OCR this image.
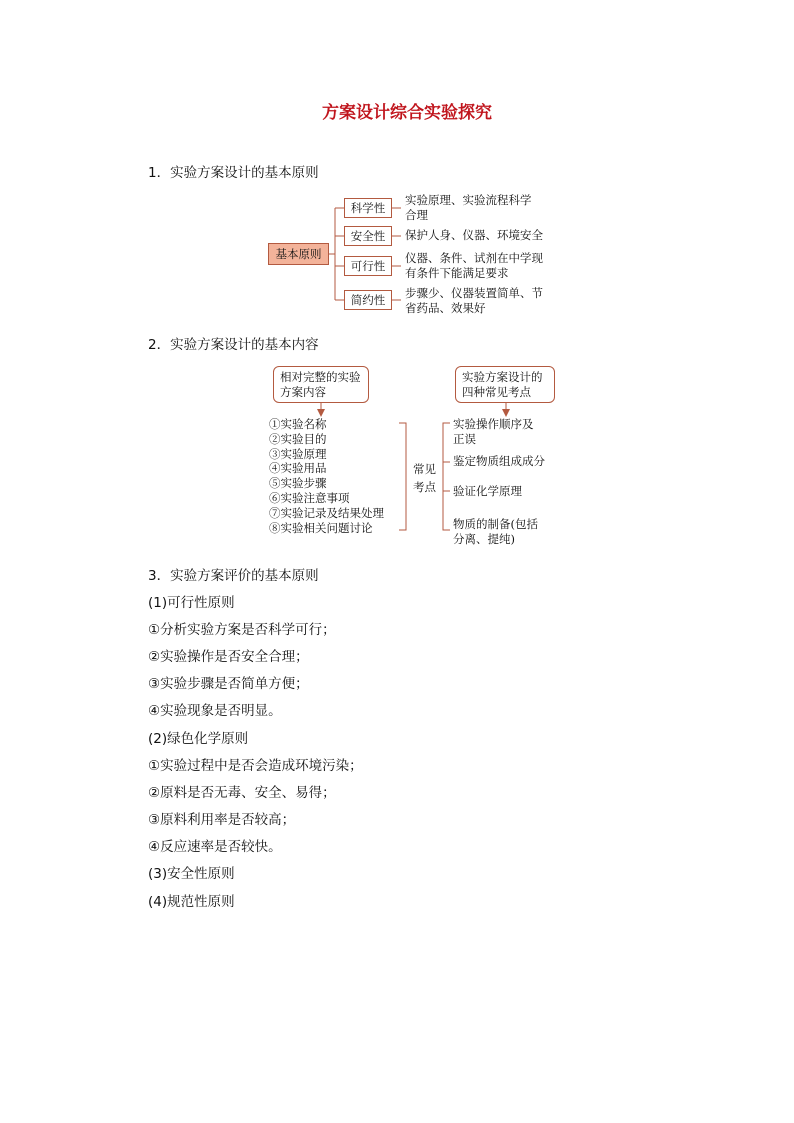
方案设计综合实验探究
1．实验方案设计的基本原则
基本原则
科学性
安全性
可行性
简约性
实验原理、实验流程科学
合理
保护人身、仪器、环境安全
仪器、条件、试剂在中学现
有条件下能满足要求
步骤少、仪器装置简单、节
省药品、效果好
2．实验方案设计的基本内容
相对完整的实验
方案内容
实验方案设计的
四种常见考点
①实验名称
②实验目的
③实验原理
④实验用品
⑤实验步骤
⑥实验注意事项
⑦实验记录及结果处理
⑧实验相关问题讨论
常见
考点
实验操作顺序及
正误
鉴定物质组成成分
验证化学原理
物质的制备(包括
分离、提纯)
3．实验方案评价的基本原则
(1)可行性原则
①分析实验方案是否科学可行；
②实验操作是否安全合理；
③实验步骤是否简单方便；
④实验现象是否明显。
(2)绿色化学原则
①实验过程中是否会造成环境污染；
②原料是否无毒、安全、易得；
③原料利用率是否较高；
④反应速率是否较快。
(3)安全性原则
(4)规范性原则
